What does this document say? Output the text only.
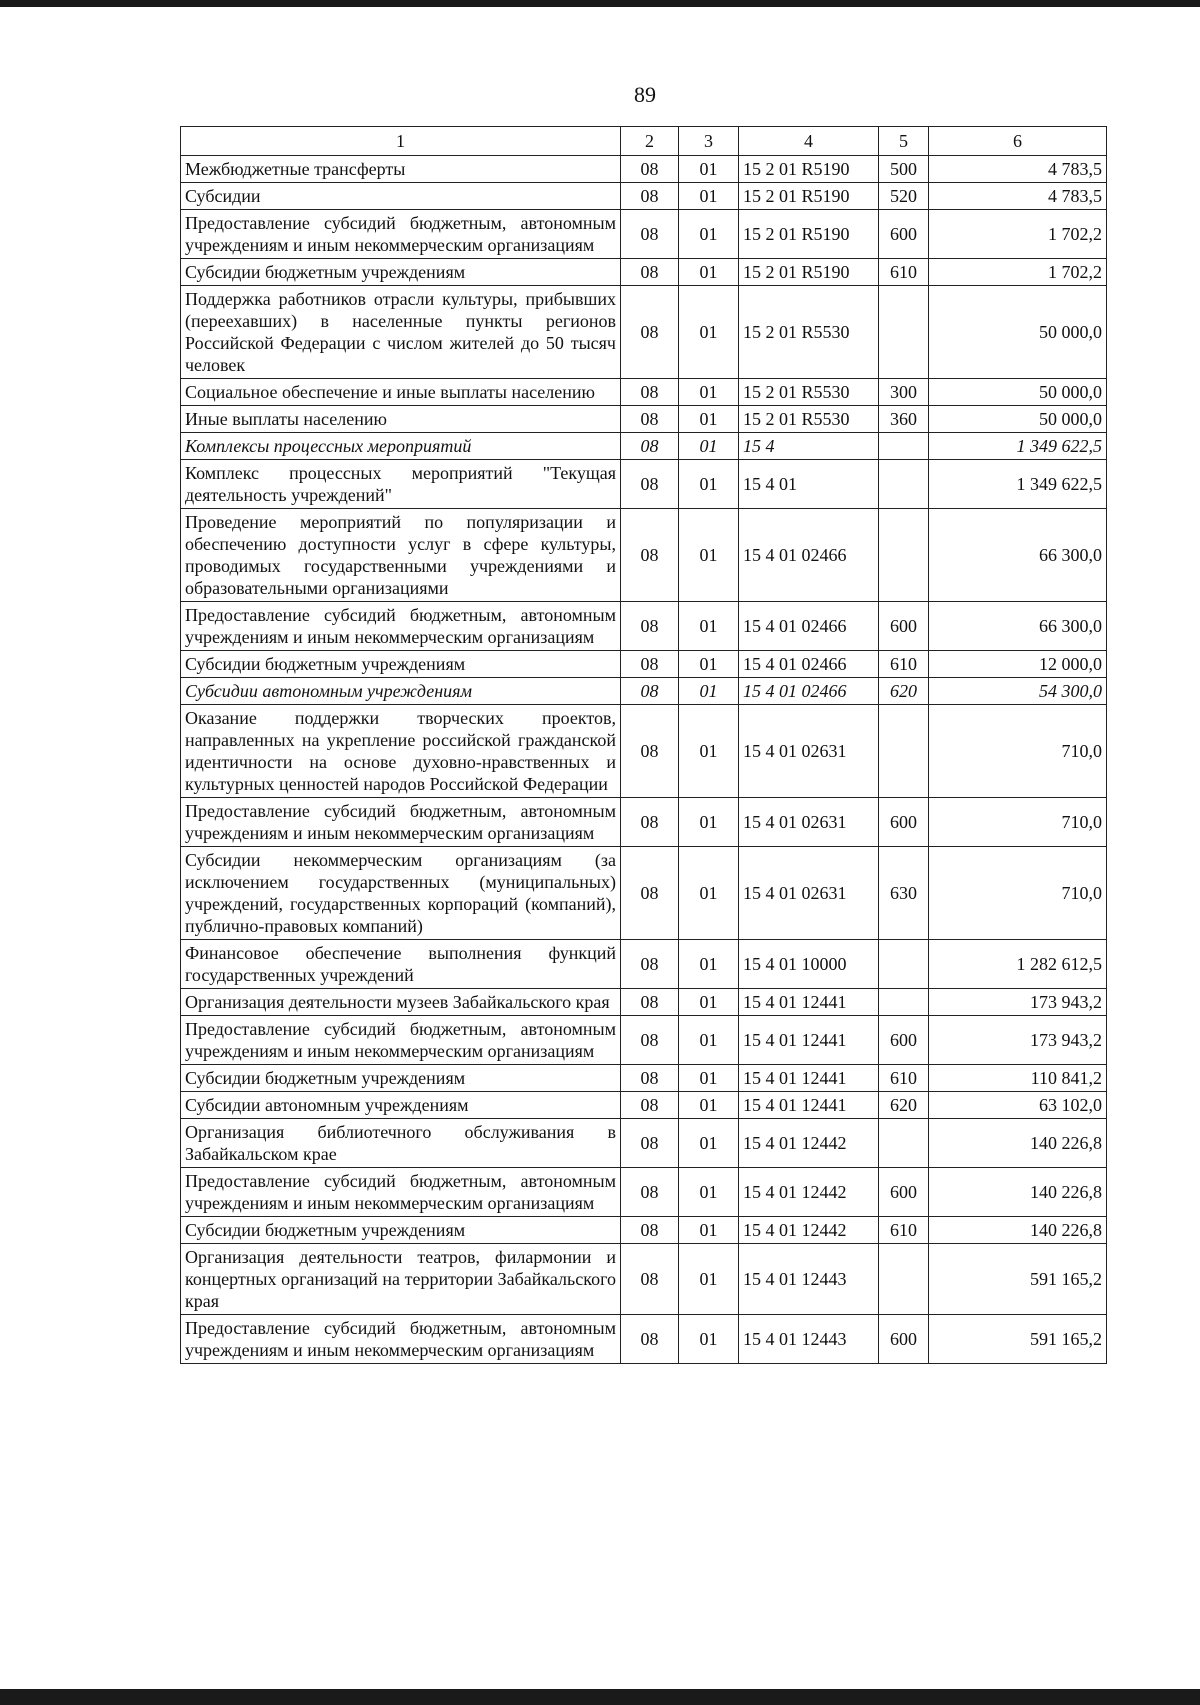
89
1	2	3	4	5	6
Межбюджетные трансферты	08	01	15 2 01 R5190	500	4 783,5
Субсидии	08	01	15 2 01 R5190	520	4 783,5
Предоставление субсидий бюджетным, автономным учреждениям и иным некоммерческим организациям	08	01	15 2 01 R5190	600	1 702,2
Субсидии бюджетным учреждениям	08	01	15 2 01 R5190	610	1 702,2
Поддержка работников отрасли культуры, прибывших (переехавших) в населенные пункты регионов Российской Федерации с числом жителей до 50 тысяч человек	08	01	15 2 01 R5530		50 000,0
Социальное обеспечение и иные выплаты населению	08	01	15 2 01 R5530	300	50 000,0
Иные выплаты населению	08	01	15 2 01 R5530	360	50 000,0
Комплексы процессных мероприятий	08	01	15 4		1 349 622,5
Комплекс процессных мероприятий "Текущая деятельность учреждений"	08	01	15 4 01		1 349 622,5
Проведение мероприятий по популяризации и обеспечению доступности услуг в сфере культуры, проводимых государственными учреждениями и образовательными организациями	08	01	15 4 01 02466		66 300,0
Предоставление субсидий бюджетным, автономным учреждениям и иным некоммерческим организациям	08	01	15 4 01 02466	600	66 300,0
Субсидии бюджетным учреждениям	08	01	15 4 01 02466	610	12 000,0
Субсидии автономным учреждениям	08	01	15 4 01 02466	620	54 300,0
Оказание поддержки творческих проектов, направленных на укрепление российской гражданской идентичности на основе духовно-нравственных и культурных ценностей народов Российской Федерации	08	01	15 4 01 02631		710,0
Предоставление субсидий бюджетным, автономным учреждениям и иным некоммерческим организациям	08	01	15 4 01 02631	600	710,0
Субсидии некоммерческим организациям (за исключением государственных (муниципальных) учреждений, государственных корпораций (компаний), публично-правовых компаний)	08	01	15 4 01 02631	630	710,0
Финансовое обеспечение выполнения функций государственных учреждений	08	01	15 4 01 10000		1 282 612,5
Организация деятельности музеев Забайкальского края	08	01	15 4 01 12441		173 943,2
Предоставление субсидий бюджетным, автономным учреждениям и иным некоммерческим организациям	08	01	15 4 01 12441	600	173 943,2
Субсидии бюджетным учреждениям	08	01	15 4 01 12441	610	110 841,2
Субсидии автономным учреждениям	08	01	15 4 01 12441	620	63 102,0
Организация библиотечного обслуживания в Забайкальском крае	08	01	15 4 01 12442		140 226,8
Предоставление субсидий бюджетным, автономным учреждениям и иным некоммерческим организациям	08	01	15 4 01 12442	600	140 226,8
Субсидии бюджетным учреждениям	08	01	15 4 01 12442	610	140 226,8
Организация деятельности театров, филармонии и концертных организаций на территории Забайкальского края	08	01	15 4 01 12443		591 165,2
Предоставление субсидий бюджетным, автономным учреждениям и иным некоммерческим организациям	08	01	15 4 01 12443	600	591 165,2
